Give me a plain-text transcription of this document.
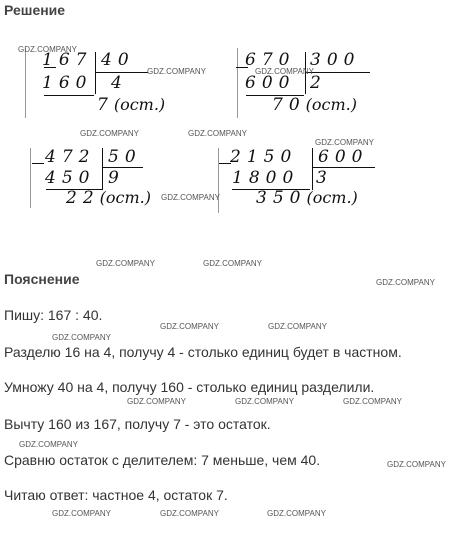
Решение
Пояснение
167 40
160 4
7(ост.)
670 300
600 2
70(ост.)
472 50
450 9
22(ост.)
2150 600
1800 3
350(ост.)
Пишу: 167 : 40.
Разделю 16 на 4, получу 4 - столько единиц будет в частном.
Умножу 40 на 4, получу 160 - столько единиц разделили.
Вычту 160 из 167, получу 7 - это остаток.
Сравню остаток с делителем: 7 меньше, чем 40.
Читаю ответ: частное 4, остаток 7.
GDZ.COMPANY
GDZ.COMPANY	GDZ.COMPANY
GDZ.COMPANY	GDZ.COMPANY
GDZ.COMPANY
GDZ.COMPANY
GDZ.COMPANY	GDZ.COMPANY
GDZ.COMPANY
GDZ.COMPANY	GDZ.COMPANY
GDZ.COMPANY
GDZ.COMPANY	GDZ.COMPANY	GDZ.COMPANY
GDZ.COMPANY
GDZ.COMPANY
GDZ.COMPANY	GDZ.COMPANY	GDZ.COMPANY
